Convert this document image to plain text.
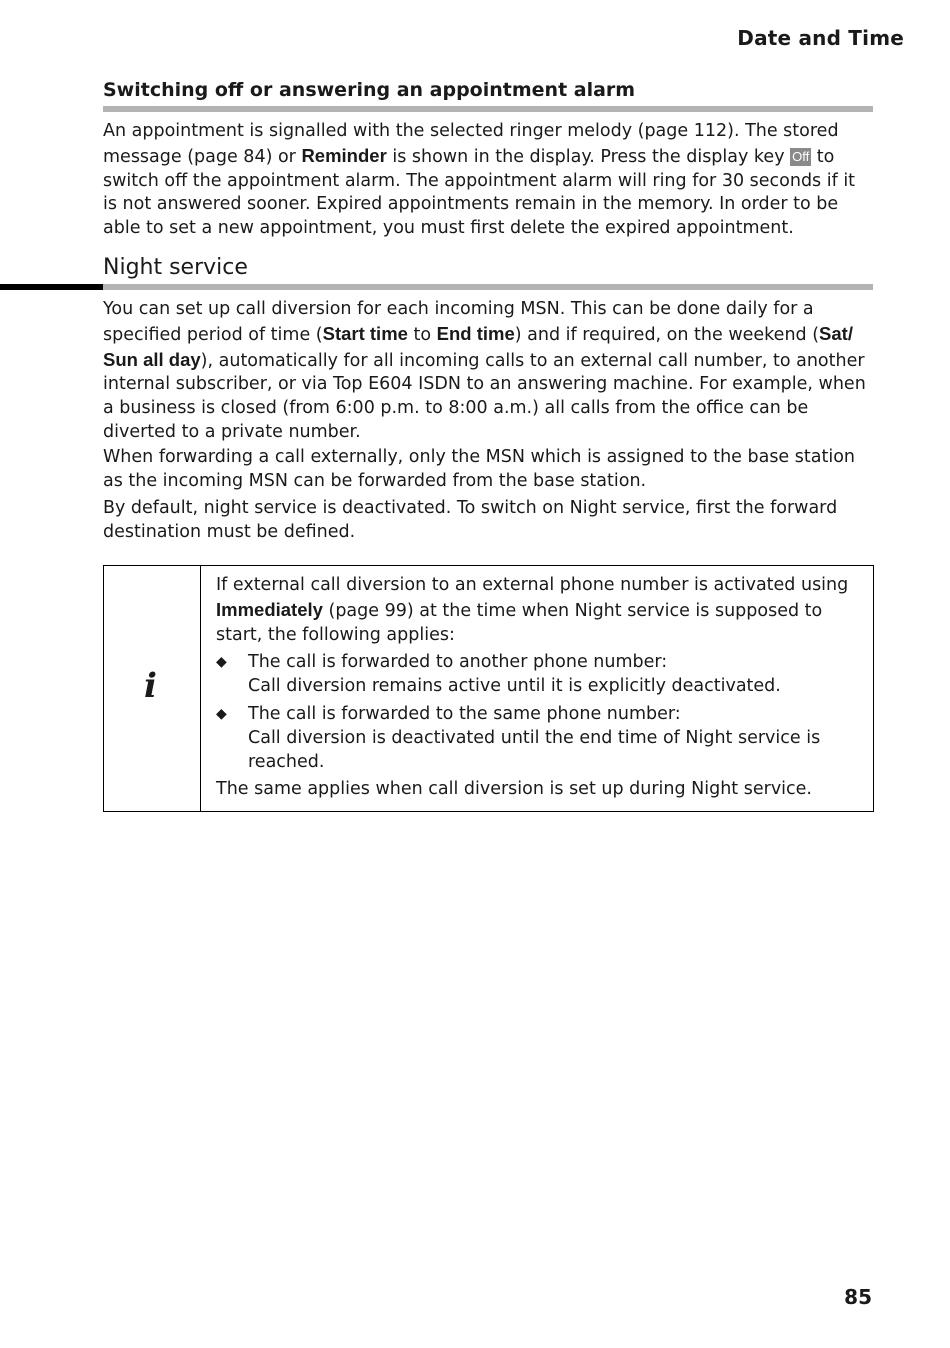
Date and Time
Switching off or answering an appointment alarm
An appointment is signalled with the selected ringer melody (page 112). The stored message (page 84) or Reminder is shown in the display. Press the display key Off to switch off the appointment alarm. The appointment alarm will ring for 30 seconds if it is not answered sooner. Expired appointments remain in the memory. In order to be able to set a new appointment, you must first delete the expired appointment.
Night service
You can set up call diversion for each incoming MSN. This can be done daily for a specified period of time (Start time to End time) and if required, on the weekend (Sat/ Sun all day), automatically for all incoming calls to an external call number, to another internal subscriber, or via Top E604 ISDN to an answering machine. For example, when a business is closed (from 6:00 p.m. to 8:00 a.m.) all calls from the office can be diverted to a private number.
When forwarding a call externally, only the MSN which is assigned to the base station as the incoming MSN can be forwarded from the base station.
By default, night service is deactivated. To switch on Night service, first the forward destination must be defined.
i

If external call diversion to an external phone number is activated using Immediately (page 99) at the time when Night service is supposed to start, the following applies:

◆ The call is forwarded to another phone number:
Call diversion remains active until it is explicitly deactivated.
◆ The call is forwarded to the same phone number:
Call diversion is deactivated until the end time of Night service is reached.

The same applies when call diversion is set up during Night service.

85
